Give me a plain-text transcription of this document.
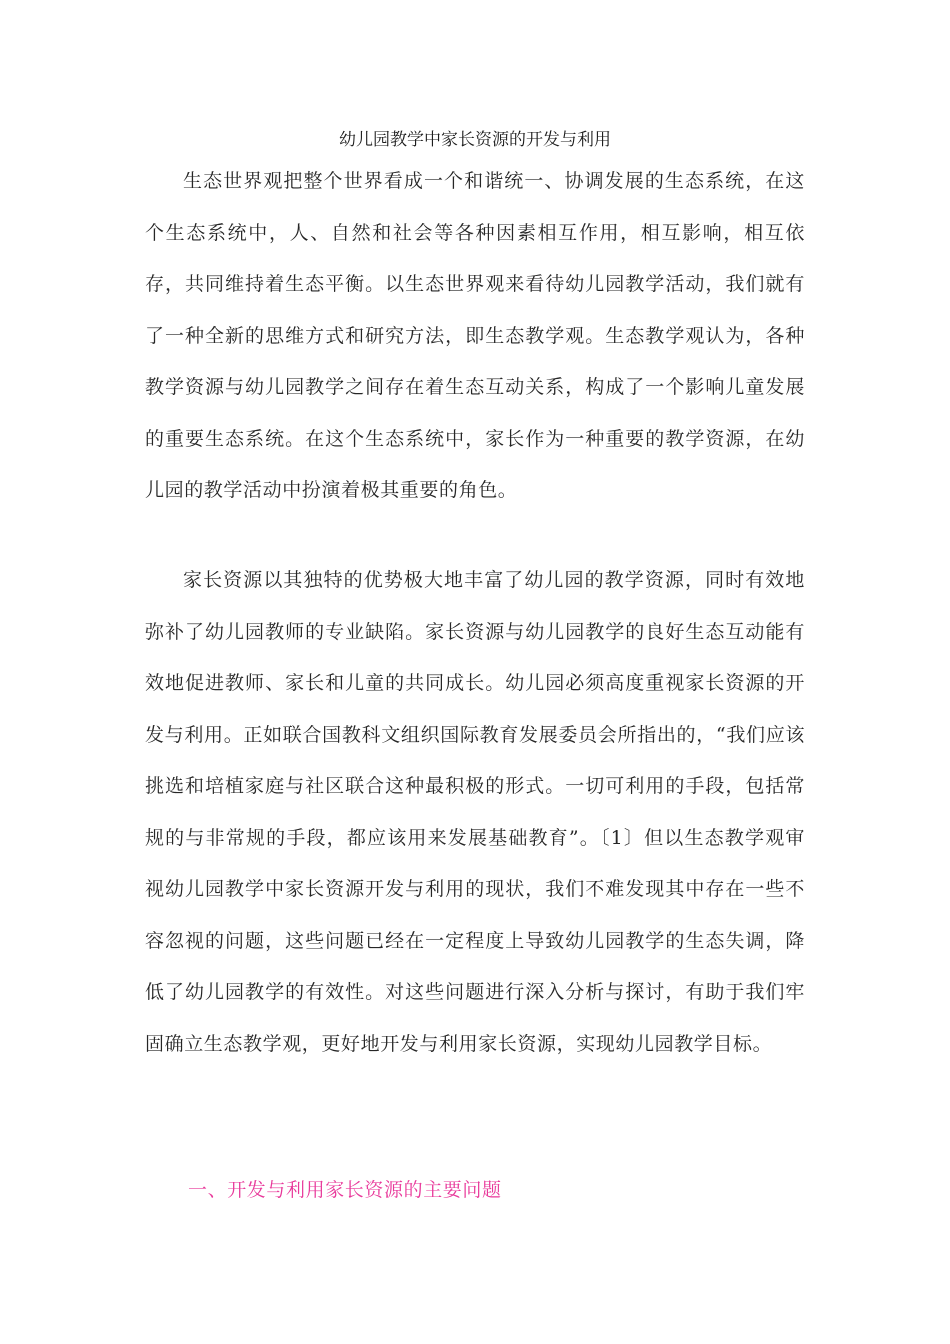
幼儿园教学中家长资源的开发与利用

生态世界观把整个世界看成一个和谐统一、协调发展的生态系统，在这个生态系统中，人、自然和社会等各种因素相互作用，相互影响，相互依存，共同维持着生态平衡。以生态世界观来看待幼儿园教学活动，我们就有了一种全新的思维方式和研究方法，即生态教学观。生态教学观认为，各种教学资源与幼儿园教学之间存在着生态互动关系，构成了一个影响儿童发展的重要生态系统。在这个生态系统中，家长作为一种重要的教学资源，在幼儿园的教学活动中扮演着极其重要的角色。

家长资源以其独特的优势极大地丰富了幼儿园的教学资源，同时有效地弥补了幼儿园教师的专业缺陷。家长资源与幼儿园教学的良好生态互动能有效地促进教师、家长和儿童的共同成长。幼儿园必须高度重视家长资源的开发与利用。正如联合国教科文组织国际教育发展委员会所指出的，“我们应该挑选和培植家庭与社区联合这种最积极的形式。一切可利用的手段，包括常规的与非常规的手段，都应该用来发展基础教育”。〔1〕但以生态教学观审视幼儿园教学中家长资源开发与利用的现状，我们不难发现其中存在一些不容忽视的问题，这些问题已经在一定程度上导致幼儿园教学的生态失调，降低了幼儿园教学的有效性。对这些问题进行深入分析与探讨，有助于我们牢固确立生态教学观，更好地开发与利用家长资源，实现幼儿园教学目标。

一、开发与利用家长资源的主要问题
